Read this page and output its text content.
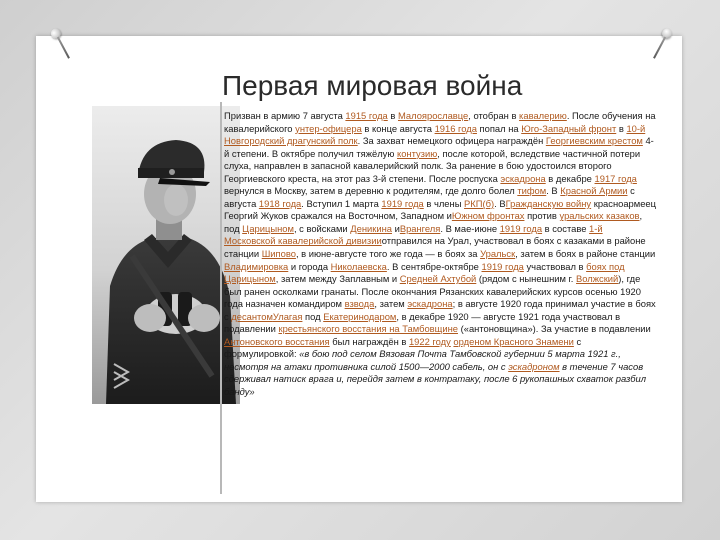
Первая мировая война
Призван в армию 7 августа 1915 года в Малоярославце, отобран в кавалерию. После обучения на кавалерийского унтер-офицера в конце августа 1916 года попал на Юго-Западный фронт в 10-й Новгородский драгунский полк. За захват немецкого офицера награждён Георгиевским крестом 4-й степени. В октябре получил тяжёлую контузию, после которой, вследствие частичной потери слуха, направлен в запасной кавалерийский полк. За ранение в бою удостоился второго Георгиевского креста, на этот раз 3-й степени. После роспуска эскадрона в декабре 1917 года вернулся в Москву, затем в деревню к родителям, где долго болел тифом. В Красной Армии с августа 1918 года. Вступил 1 марта 1919 года в члены РКП(б). ВГражданскую войну красноармеец Георгий Жуков сражался на Восточном, Западном иЮжном фронтах против уральских казаков, под Царицыном, с войсками Деникина иВрангеля. В мае-июне 1919 года в составе 1-й Московской кавалерийской дивизииотправился на Урал, участвовал в боях с казаками в районе станции Шипово, в июне-августе того же года — в боях за Уральск, затем в боях в районе станции Владимировка и города Николаевска. В сентябре-октябре 1919 года участвовал в боях под Царицыном, затем между Заплавным и Средней Ахтубой (рядом с нынешним г. Волжский), где был ранен осколками гранаты. После окончания Рязанских кавалерийских курсов осенью 1920 года назначен командиром взвода, затем эскадрона; в августе 1920 года принимал участие в боях с десантомУлагая под Екатеринодаром, в декабре 1920 — августе 1921 года участвовал в подавлении крестьянского восстания на Тамбовщине («антоновщина»). За участие в подавлении Антоновского восстания был награждён в 1922 году орденом Красного Знамени с формулировкой: «в бою под селом Вязовая Почта Тамбовской губернии 5 марта 1921 г., несмотря на атаки противника силой 1500—2000 сабель, он с эскадроном в течение 7 часов сдерживал натиск врага и, перейдя затем в контратаку, после 6 рукопашных схваток разбил банду»
